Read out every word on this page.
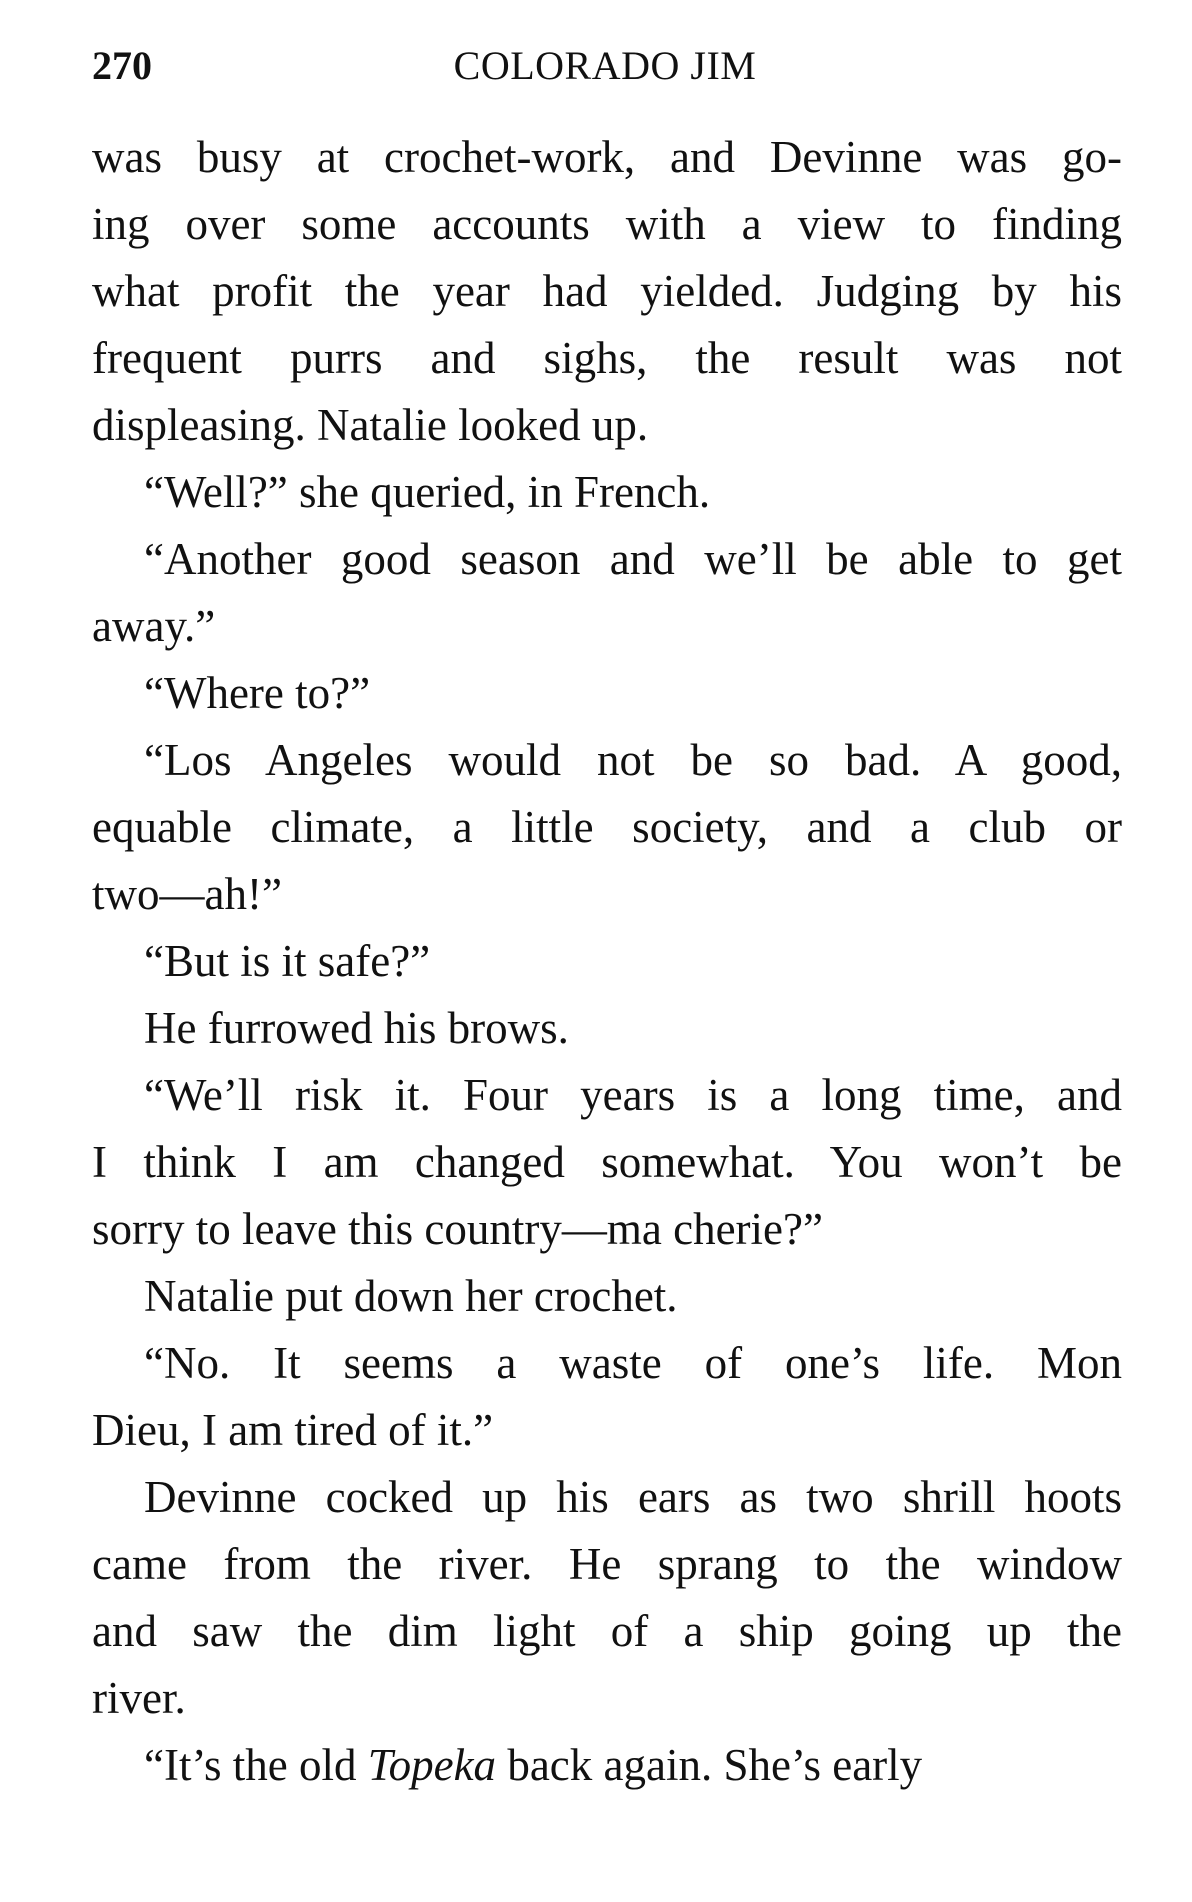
270	COLORADO JIM
was busy at crochet-work, and Devinne was go-
ing over some accounts with a view to finding
what profit the year had yielded. Judging by his
frequent purrs and sighs, the result was not
displeasing. Natalie looked up.
“Well?” she queried, in French.
“Another good season and we’ll be able to get
away.”
“Where to?”
“Los Angeles would not be so bad. A good,
equable climate, a little society, and a club or
two—ah!”
“But is it safe?”
He furrowed his brows.
“We’ll risk it. Four years is a long time, and
I think I am changed somewhat. You won’t be
sorry to leave this country—ma cherie?”
Natalie put down her crochet.
“No. It seems a waste of one’s life. Mon
Dieu, I am tired of it.”
Devinne cocked up his ears as two shrill hoots
came from the river. He sprang to the window
and saw the dim light of a ship going up the
river.
“It’s the old Topeka back again. She’s early
